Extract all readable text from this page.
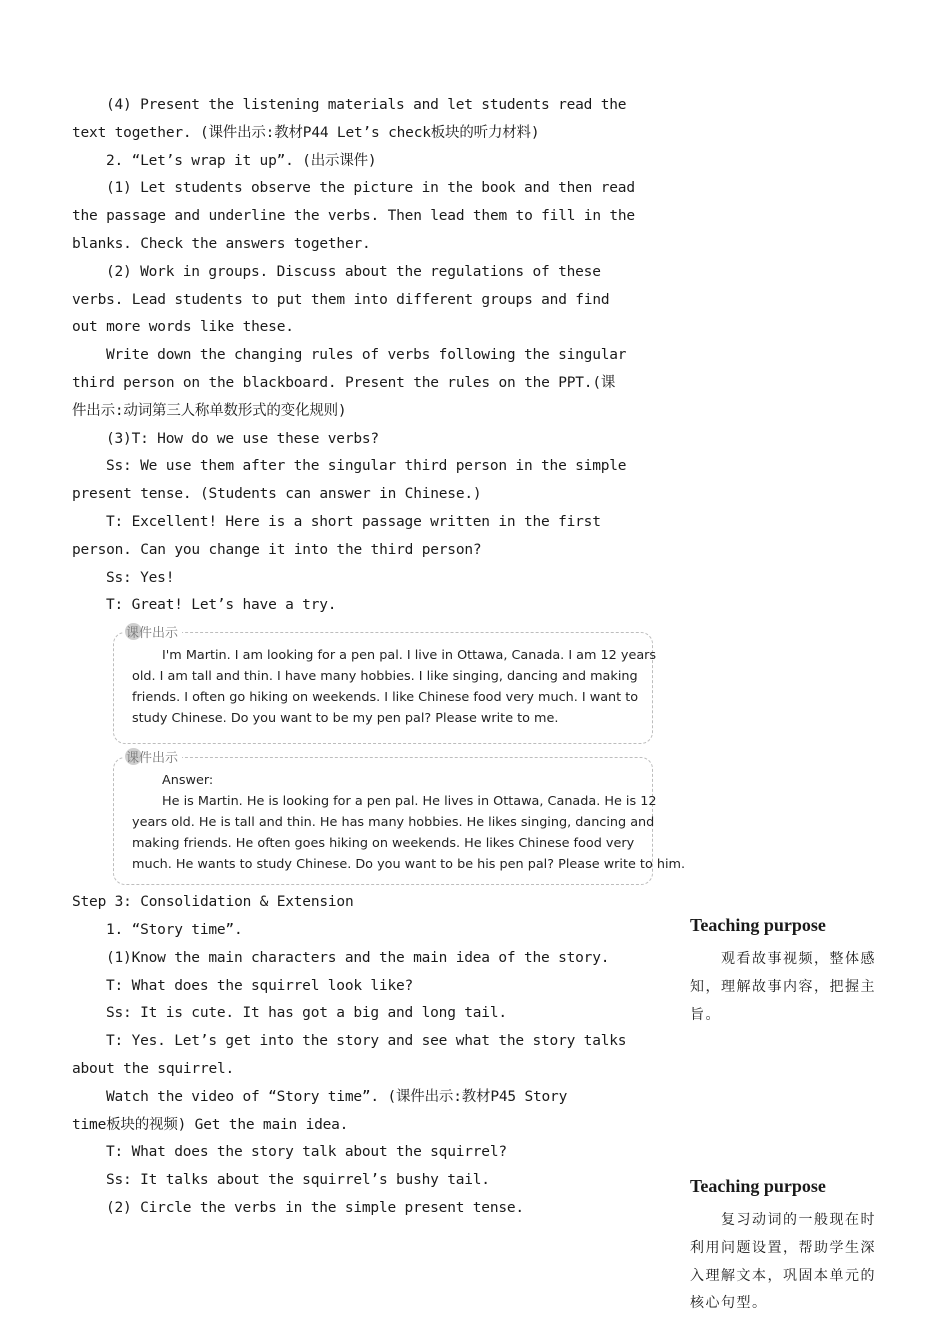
(4) Present the listening materials and let students read the
text together. (课件出示:教材P44 Let’s check板块的听力材料)
2. “Let’s wrap it up”. (出示课件)
(1) Let students observe the picture in the book and then read
the passage and underline the verbs. Then lead them to fill in the
blanks. Check the answers together.
(2) Work in groups. Discuss about the regulations of these
verbs. Lead students to put them into different groups and find
out more words like these.
Write down the changing rules of verbs following the singular
third person on the blackboard. Present the rules on the PPT.(课
件出示:动词第三人称单数形式的变化规则)
(3)T: How do we use these verbs?
Ss: We use them after the singular third person in the simple
present tense. (Students can answer in Chinese.)
T: Excellent! Here is a short passage written in the first
person. Can you change it into the third person?
Ss: Yes!
T: Great! Let’s have a try.
课件出示

I'm Martin. I am looking for a pen pal. I live in Ottawa, Canada. I am 12 years

old. I am tall and thin. I have many hobbies. I like singing, dancing and making

friends. I often go hiking on weekends. I like Chinese food very much. I want to

study Chinese. Do you want to be my pen pal? Please write to me.

课件出示

Answer:

He is Martin. He is looking for a pen pal. He lives in Ottawa, Canada. He is 12

years old. He is tall and thin. He has many hobbies. He likes singing, dancing and

making friends. He often goes hiking on weekends. He likes Chinese food very

much. He wants to study Chinese. Do you want to be his pen pal? Please write to him.

Step 3: Consolidation & Extension
1. “Story time”.
(1)Know the main characters and the main idea of the story.
T: What does the squirrel look like?
Ss: It is cute. It has got a big and long tail.
T: Yes. Let’s get into the story and see what the story talks
about the squirrel.
Watch the video of “Story time”. (课件出示:教材P45 Story
time板块的视频) Get the main idea.
T: What does the story talk about the squirrel?
Ss: It talks about the squirrel’s bushy tail.
(2) Circle the verbs in the simple present tense.
Teaching purpose
　　观看故事视频，整体感
知，理解故事内容，把握主
旨。
Teaching purpose
　　复习动词的一般现在时
利用问题设置，帮助学生深
入理解文本，巩固本单元的
核心句型。
